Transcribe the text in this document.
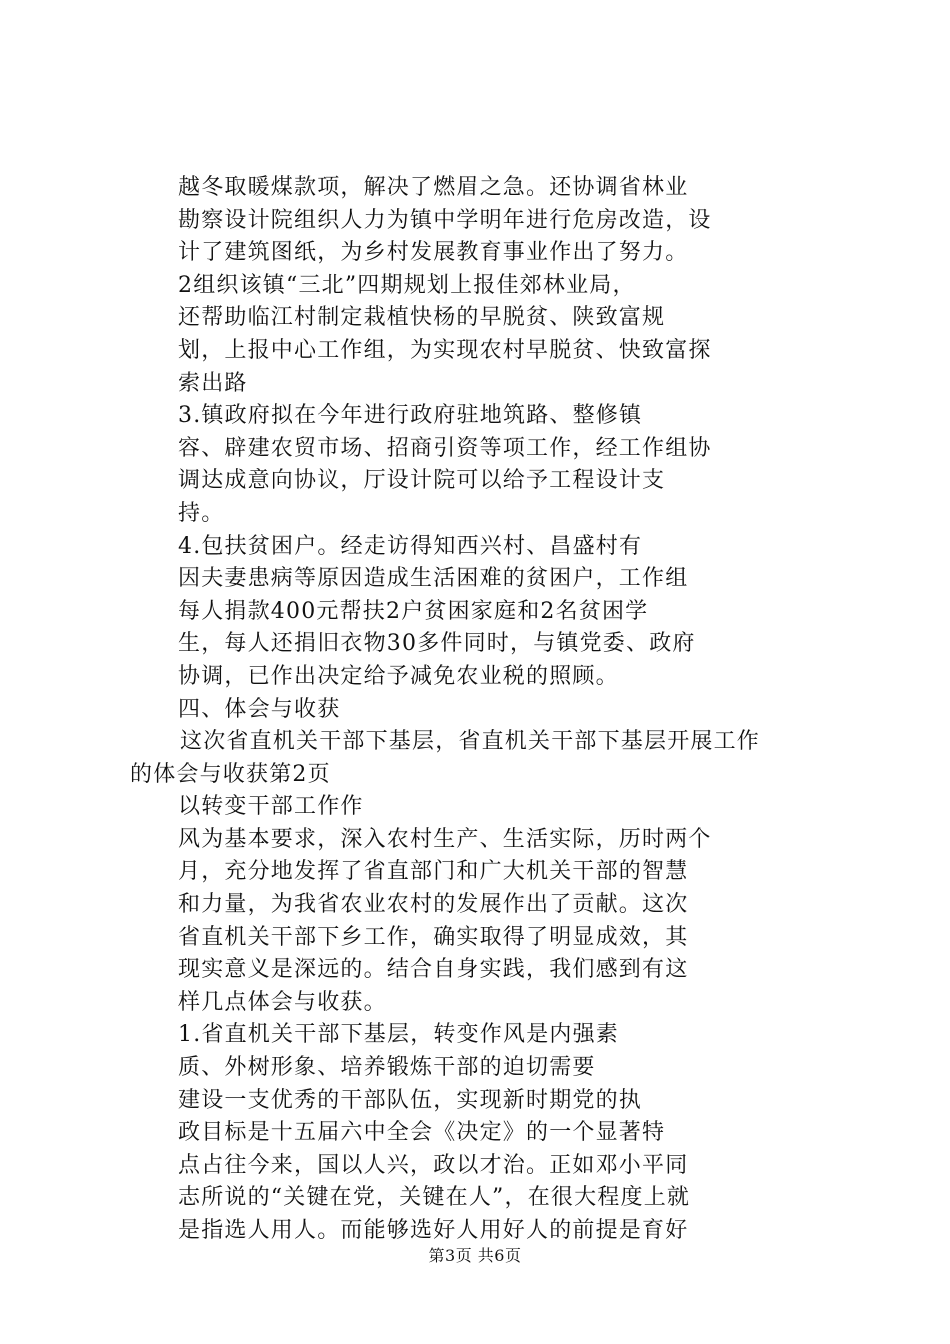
越冬取暖煤款项，解决了燃眉之急。还协调省林业
勘察设计院组织人力为镇中学明年进行危房改造，设
计了建筑图纸，为乡村发展教育事业作出了努力。
2组织该镇“三北”四期规划上报佳郊林业局，
还帮助临江村制定栽植快杨的早脱贫、陕致富规
划，上报中心工作组，为实现农村早脱贫、快致富探
索出路
3.镇政府拟在今年进行政府驻地筑路、整修镇
容、辟建农贸市场、招商引资等项工作，经工作组协
调达成意向协议，厅设计院可以给予工程设计支
持。
4.包扶贫困户。经走访得知西兴村、昌盛村有
因夫妻患病等原因造成生活困难的贫困户，工作组
每人捐款400元帮扶2户贫困家庭和2名贫困学
生，每人还捐旧衣物30多件同时，与镇党委、政府
协调，已作出决定给予减免农业税的照顾。
四、体会与收获
这次省直机关干部下基层，省直机关干部下基层开展工作
的体会与收获第2页
以转变干部工作作
风为基本要求，深入农村生产、生活实际，历时两个
月，充分地发挥了省直部门和广大机关干部的智慧
和力量，为我省农业农村的发展作出了贡献。这次
省直机关干部下乡工作，确实取得了明显成效，其
现实意义是深远的。结合自身实践，我们感到有这
样几点体会与收获。
1.省直机关干部下基层，转变作风是内强素
质、外树形象、培养锻炼干部的迫切需要
建设一支优秀的干部队伍，实现新时期党的执
政目标是十五届六中全会《决定》的一个显著特
点占往今来，国以人兴，政以才治。正如邓小平同
志所说的“关键在党，关键在人”，在很大程度上就
是指选人用人。而能够选好人用好人的前提是育好
第3页 共6页
